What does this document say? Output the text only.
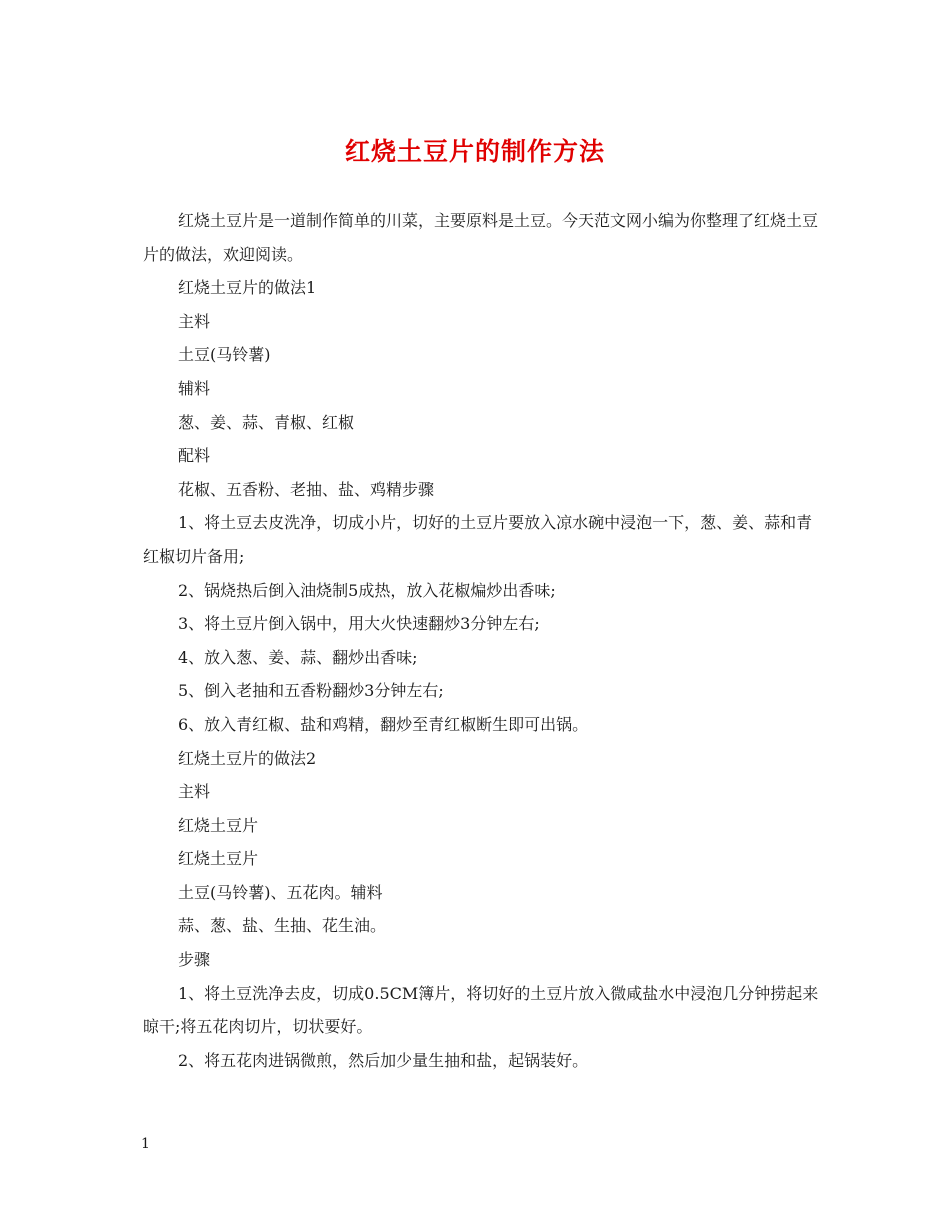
红烧土豆片的制作方法

红烧土豆片是一道制作简单的川菜，主要原料是土豆。今天范文网小编为你整理了红烧土豆片的做法，欢迎阅读。

红烧土豆片的做法1

主料

土豆(马铃薯)

辅料

葱、姜、蒜、青椒、红椒

配料

花椒、五香粉、老抽、盐、鸡精步骤

1、将土豆去皮洗净，切成小片，切好的土豆片要放入凉水碗中浸泡一下，葱、姜、蒜和青红椒切片备用;

2、锅烧热后倒入油烧制5成热，放入花椒煸炒出香味;

3、将土豆片倒入锅中，用大火快速翻炒3分钟左右;

4、放入葱、姜、蒜、翻炒出香味;

5、倒入老抽和五香粉翻炒3分钟左右;

6、放入青红椒、盐和鸡精，翻炒至青红椒断生即可出锅。

红烧土豆片的做法2

主料

红烧土豆片

红烧土豆片

土豆(马铃薯)、五花肉。辅料

蒜、葱、盐、生抽、花生油。

步骤

1、将土豆洗净去皮，切成0.5CM簿片，将切好的土豆片放入微咸盐水中浸泡几分钟捞起来晾干;将五花肉切片，切状要好。

2、将五花肉进锅微煎，然后加少量生抽和盐，起锅装好。

1
